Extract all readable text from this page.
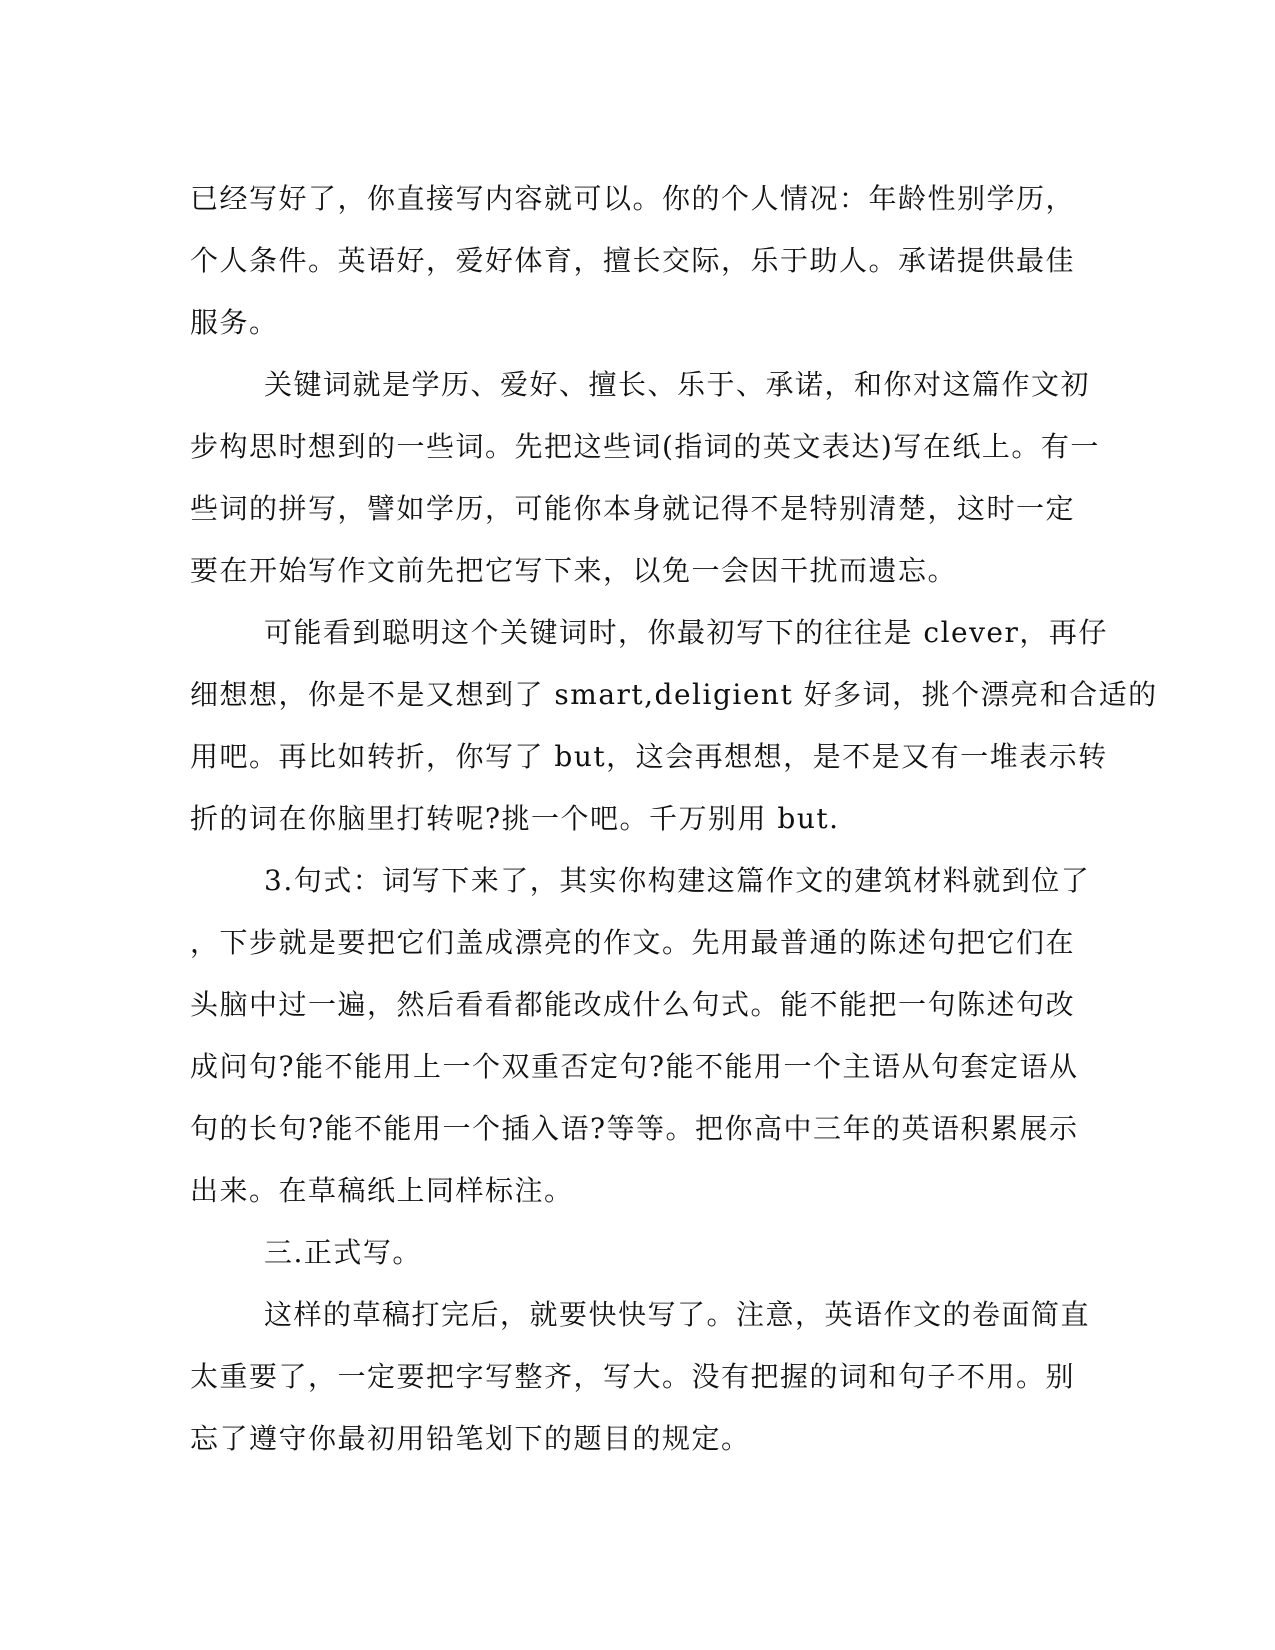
已经写好了，你直接写内容就可以。你的个人情况：年龄性别学历，
个人条件。英语好，爱好体育，擅长交际，乐于助人。承诺提供最佳
服务。
关键词就是学历、爱好、擅长、乐于、承诺，和你对这篇作文初
步构思时想到的一些词。先把这些词(指词的英文表达)写在纸上。有一
些词的拼写，譬如学历，可能你本身就记得不是特别清楚，这时一定
要在开始写作文前先把它写下来，以免一会因干扰而遗忘。
可能看到聪明这个关键词时，你最初写下的往往是 clever，再仔
细想想，你是不是又想到了 smart,deligient 好多词，挑个漂亮和合适的
用吧。再比如转折，你写了 but，这会再想想，是不是又有一堆表示转
折的词在你脑里打转呢?挑一个吧。千万别用 but.
3.句式：词写下来了，其实你构建这篇作文的建筑材料就到位了
，下步就是要把它们盖成漂亮的作文。先用最普通的陈述句把它们在
头脑中过一遍，然后看看都能改成什么句式。能不能把一句陈述句改
成问句?能不能用上一个双重否定句?能不能用一个主语从句套定语从
句的长句?能不能用一个插入语?等等。把你高中三年的英语积累展示
出来。在草稿纸上同样标注。
三.正式写。
这样的草稿打完后，就要快快写了。注意，英语作文的卷面简直
太重要了，一定要把字写整齐，写大。没有把握的词和句子不用。别
忘了遵守你最初用铅笔划下的题目的规定。
